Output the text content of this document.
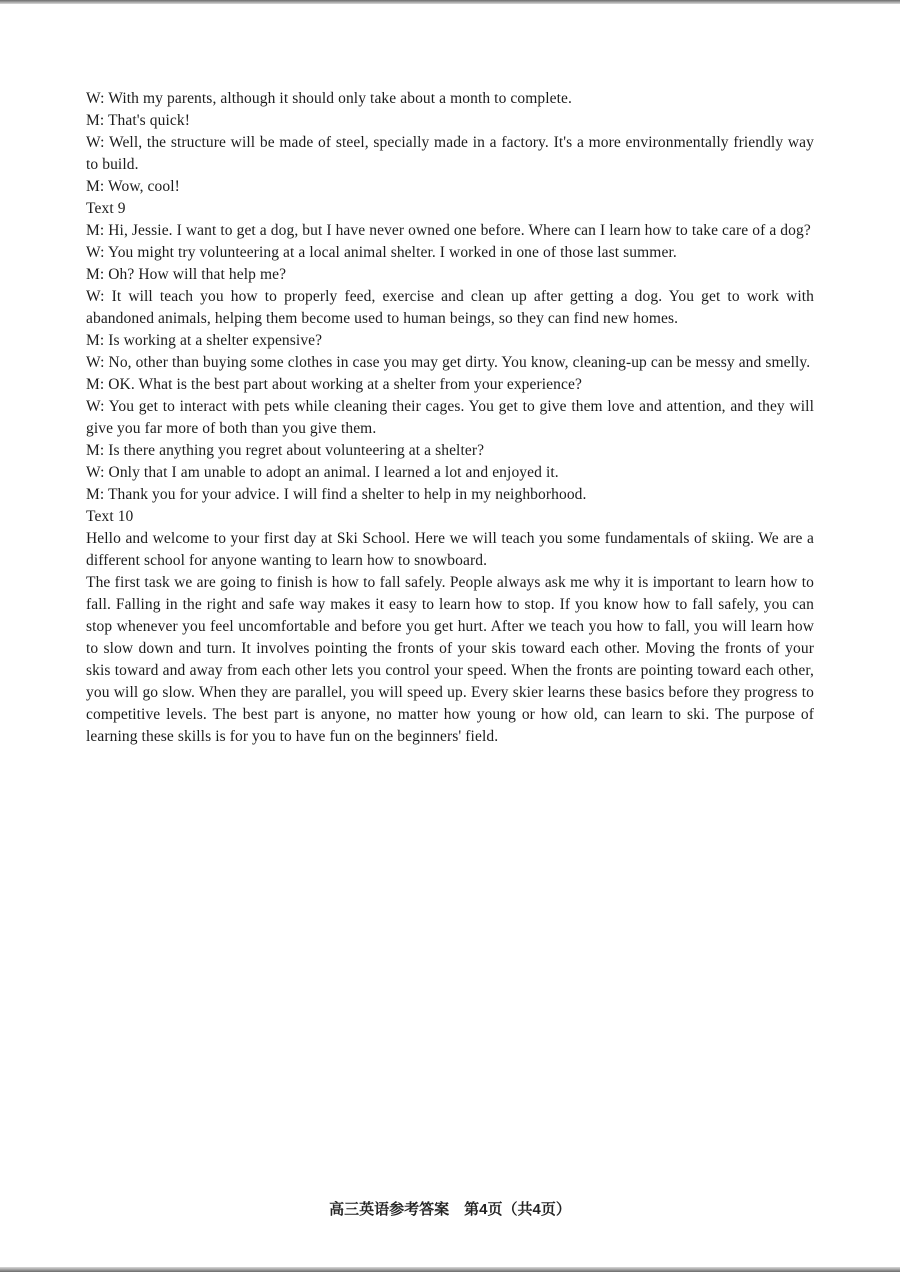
W: With my parents, although it should only take about a month to complete.

M: That's quick!

W: Well, the structure will be made of steel, specially made in a factory. It's a more environmentally friendly way to build.

M: Wow, cool!

Text 9

M: Hi, Jessie. I want to get a dog, but I have never owned one before. Where can I learn how to take care of a dog?

W: You might try volunteering at a local animal shelter. I worked in one of those last summer.

M: Oh? How will that help me?

W: It will teach you how to properly feed, exercise and clean up after getting a dog. You get to work with abandoned animals, helping them become used to human beings, so they can find new homes.

M: Is working at a shelter expensive?

W: No, other than buying some clothes in case you may get dirty. You know, cleaning-up can be messy and smelly.

M: OK. What is the best part about working at a shelter from your experience?

W: You get to interact with pets while cleaning their cages. You get to give them love and attention, and they will give you far more of both than you give them.

M: Is there anything you regret about volunteering at a shelter?

W: Only that I am unable to adopt an animal. I learned a lot and enjoyed it.

M: Thank you for your advice. I will find a shelter to help in my neighborhood.

Text 10

Hello and welcome to your first day at Ski School. Here we will teach you some fundamentals of skiing. We are a different school for anyone wanting to learn how to snowboard.

The first task we are going to finish is how to fall safely. People always ask me why it is important to learn how to fall. Falling in the right and safe way makes it easy to learn how to stop. If you know how to fall safely, you can stop whenever you feel uncomfortable and before you get hurt. After we teach you how to fall, you will learn how to slow down and turn. It involves pointing the fronts of your skis toward each other. Moving the fronts of your skis toward and away from each other lets you control your speed. When the fronts are pointing toward each other, you will go slow. When they are parallel, you will speed up. Every skier learns these basics before they progress to competitive levels. The best part is anyone, no matter how young or how old, can learn to ski. The purpose of learning these skills is for you to have fun on the beginners' field.

高三英语参考答案　第4页（共4页）
